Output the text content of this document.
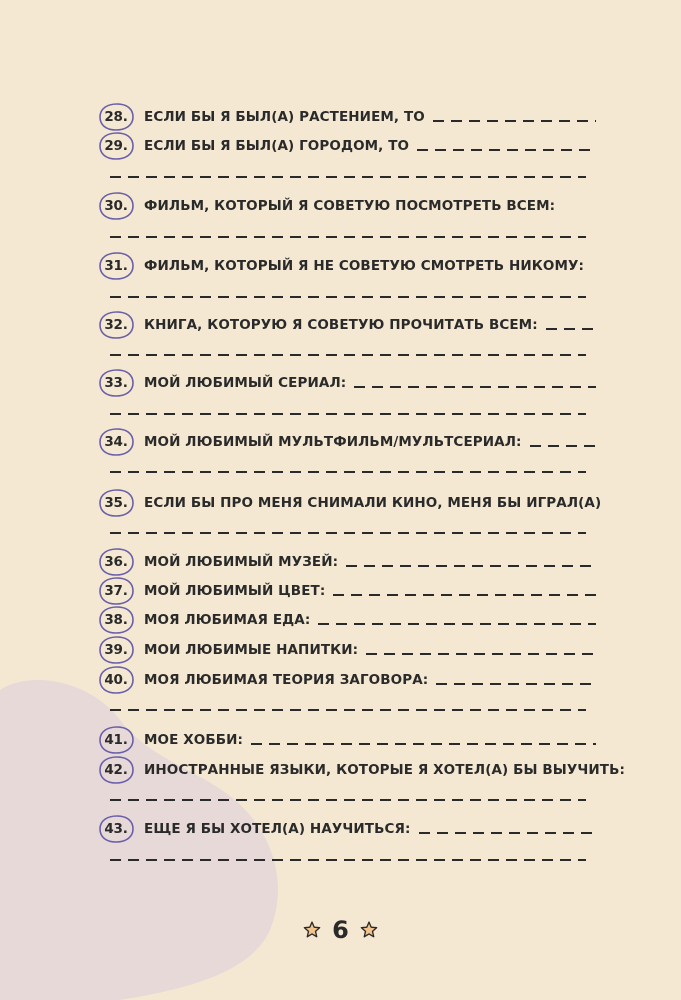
28. ЕСЛИ БЫ Я БЫЛ(А) РАСТЕНИЕМ, ТО
29. ЕСЛИ БЫ Я БЫЛ(А) ГОРОДОМ, ТО
30. ФИЛЬМ, КОТОРЫЙ Я СОВЕТУЮ ПОСМОТРЕТЬ ВСЕМ:
31. ФИЛЬМ, КОТОРЫЙ Я НЕ СОВЕТУЮ СМОТРЕТЬ НИКОМУ:
32. КНИГА, КОТОРУЮ Я СОВЕТУЮ ПРОЧИТАТЬ ВСЕМ:
33. МОЙ ЛЮБИМЫЙ СЕРИАЛ:
34. МОЙ ЛЮБИМЫЙ МУЛЬТФИЛЬМ/МУЛЬТСЕРИАЛ:
35. ЕСЛИ БЫ ПРО МЕНЯ СНИМАЛИ КИНО, МЕНЯ БЫ ИГРАЛ(А)
36. МОЙ ЛЮБИМЫЙ МУЗЕЙ:
37. МОЙ ЛЮБИМЫЙ ЦВЕТ:
38. МОЯ ЛЮБИМАЯ ЕДА:
39. МОИ ЛЮБИМЫЕ НАПИТКИ:
40. МОЯ ЛЮБИМАЯ ТЕОРИЯ ЗАГОВОРА:
41. МОЕ ХОББИ:
42. ИНОСТРАННЫЕ ЯЗЫКИ, КОТОРЫЕ Я ХОТЕЛ(А) БЫ ВЫУЧИТЬ:
43. ЕЩЕ Я БЫ ХОТЕЛ(А) НАУЧИТЬСЯ:
6
